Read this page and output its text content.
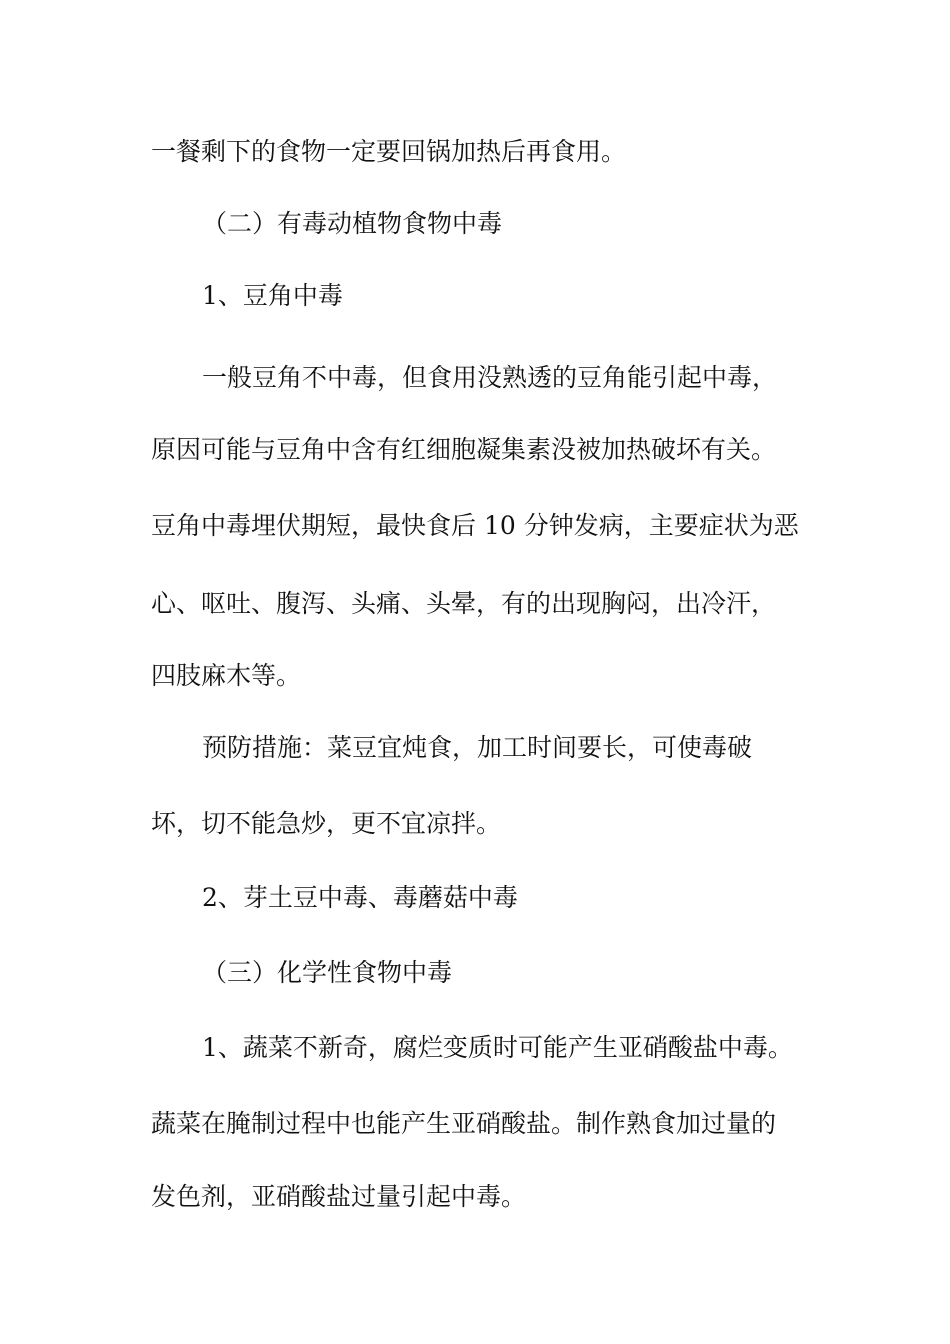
一餐剩下的食物一定要回锅加热后再食用。
（二）有毒动植物食物中毒
1、豆角中毒
一般豆角不中毒，但食用没熟透的豆角能引起中毒，
原因可能与豆角中含有红细胞凝集素没被加热破坏有关。
豆角中毒埋伏期短，最快食后 10 分钟发病，主要症状为恶
心、呕吐、腹泻、头痛、头晕，有的出现胸闷，出冷汗，
四肢麻木等。
预防措施：菜豆宜炖食，加工时间要长，可使毒破
坏，切不能急炒，更不宜凉拌。
2、芽土豆中毒、毒蘑菇中毒
（三）化学性食物中毒
1、蔬菜不新奇，腐烂变质时可能产生亚硝酸盐中毒。
蔬菜在腌制过程中也能产生亚硝酸盐。制作熟食加过量的
发色剂，亚硝酸盐过量引起中毒。
